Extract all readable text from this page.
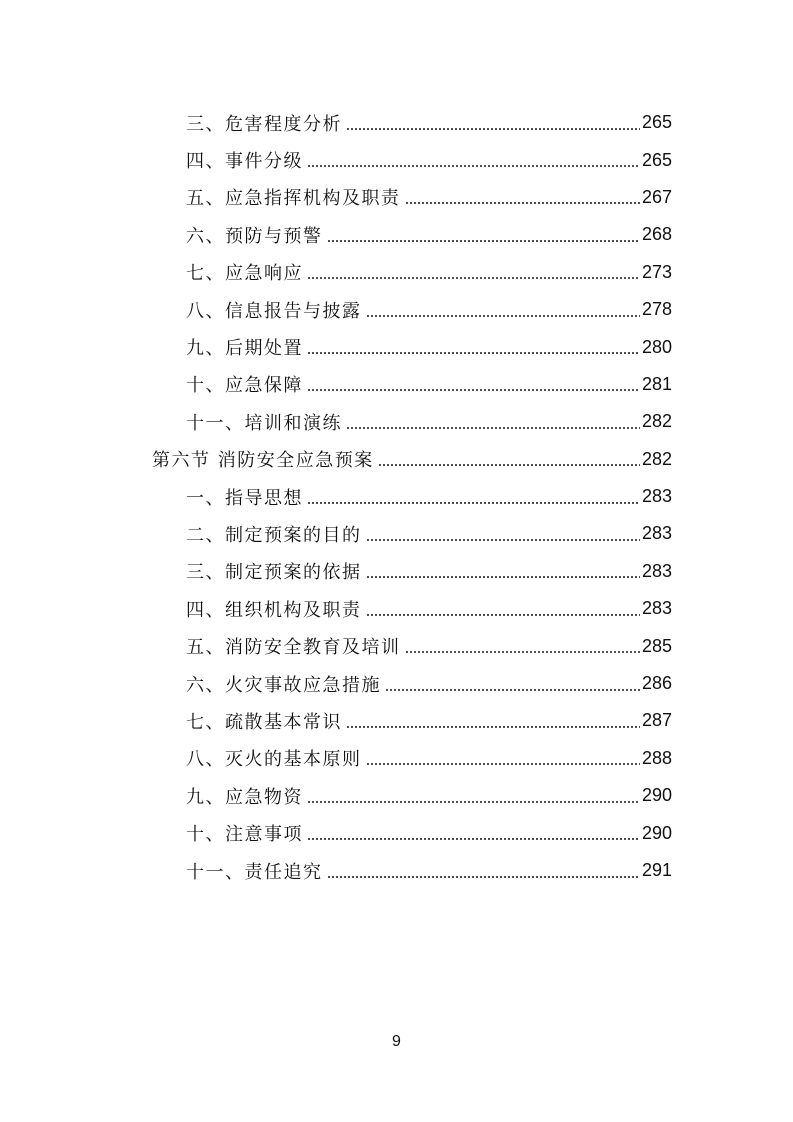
三、危害程度分析	265
四、事件分级	265
五、应急指挥机构及职责	267
六、预防与预警	268
七、应急响应	273
八、信息报告与披露	278
九、后期处置	280
十、应急保障	281
十一、培训和演练	282
第六节 消防安全应急预案	282
一、指导思想	283
二、制定预案的目的	283
三、制定预案的依据	283
四、组织机构及职责	283
五、消防安全教育及培训	285
六、火灾事故应急措施	286
七、疏散基本常识	287
八、灭火的基本原则	288
九、应急物资	290
十、注意事项	290
十一、责任追究	291
9
